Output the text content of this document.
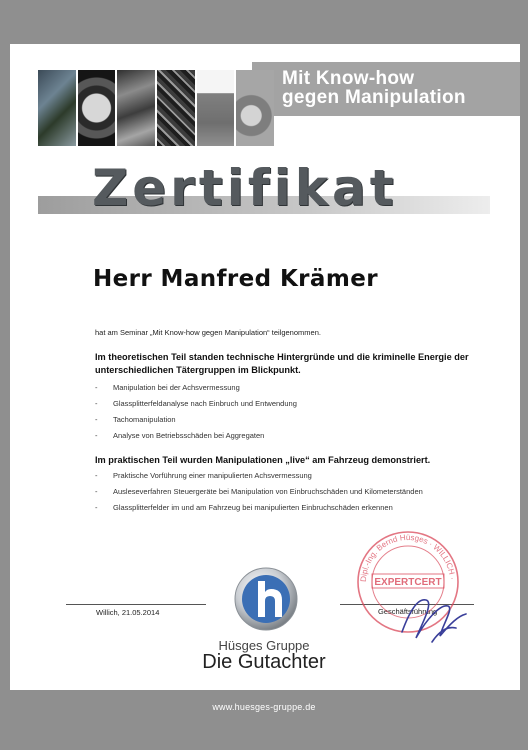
Mit Know-how
gegen Manipulation
Zertifikat
Herr Manfred Krämer
hat am Seminar „Mit Know-how gegen Manipulation“ teilgenommen.
Im theoretischen Teil standen technische Hintergründe und die kriminelle Energie der unterschiedlichen Tätergruppen im Blickpunkt.
- Manipulation bei der Achsvermessung
- Glassplitterfeldanalyse nach Einbruch und Entwendung
- Tachomanipulation
- Analyse von Betriebsschäden bei Aggregaten
Im praktischen Teil wurden Manipulationen „live“ am Fahrzeug demonstriert.
- Praktische Vorführung einer manipulierten Achsvermessung
- Ausleseverfahren Steuergeräte bei Manipulation von Einbruchschäden und Kilometerständen
- Glassplitterfelder im und am Fahrzeug bei manipulierten Einbruchschäden erkennen
Willich, 21.05.2014	Geschäftsführung
Hüsges Gruppe
Die Gutachter
Dipl.-Ing. Bernd Hüsges · WILLICH ·
EXPERTCERT
www.huesges-gruppe.de
